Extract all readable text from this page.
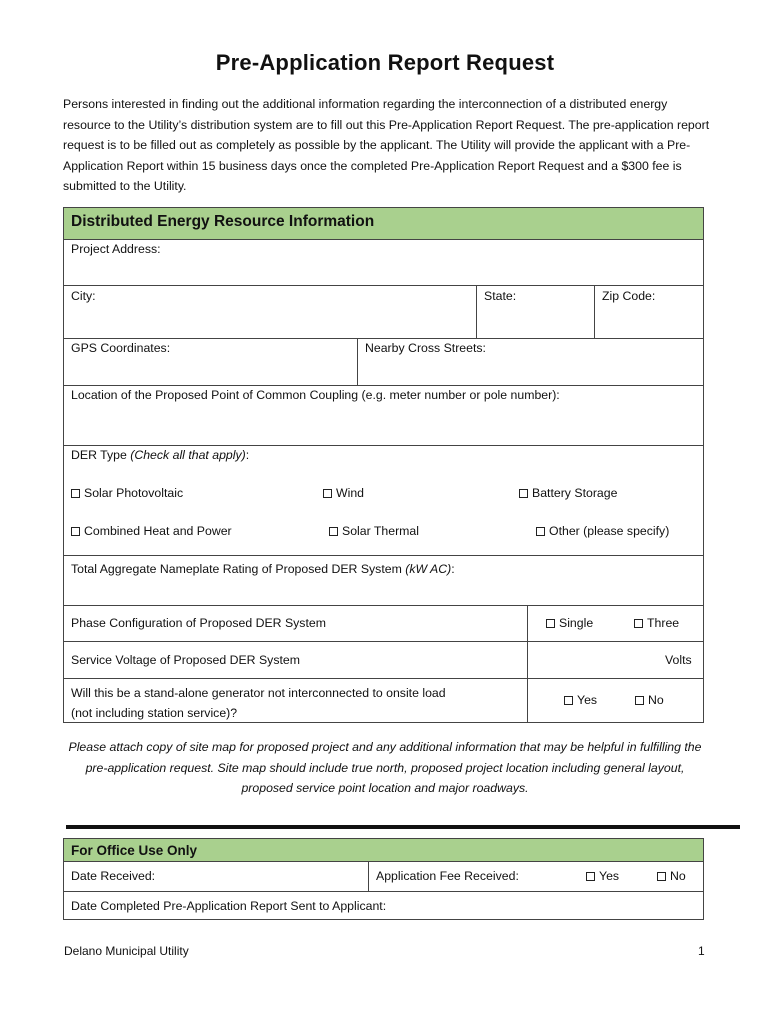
Pre-Application Report Request
Persons interested in finding out the additional information regarding the interconnection of a distributed energy resource to the Utility’s distribution system are to fill out this Pre-Application Report Request. The pre-application report request is to be filled out as completely as possible by the applicant. The Utility will provide the applicant with a Pre-Application Report within 15 business days once the completed Pre-Application Report Request and a $300 fee is submitted to the Utility.
Distributed Energy Resource Information
Project Address:
City:	State:	Zip Code:
GPS Coordinates:	Nearby Cross Streets:
Location of the Proposed Point of Common Coupling (e.g. meter number or pole number):
DER Type (Check all that apply):
Solar Photovoltaic	Wind	Battery Storage
Combined Heat and Power	Solar Thermal	Other (please specify)
Total Aggregate Nameplate Rating of Proposed DER System (kW AC):
Phase Configuration of Proposed DER System	Single	Three
Service Voltage of Proposed DER System	Volts
Will this be a stand-alone generator not interconnected to onsite load
(not including station service)?
Yes	No
Please attach copy of site map for proposed project and any additional information that may be helpful in fulfilling the pre-application request. Site map should include true north, proposed project location including general layout, proposed service point location and major roadways.
For Office Use Only
Date Received:	Application Fee Received:	Yes	No
Date Completed Pre-Application Report Sent to Applicant:
Delano Municipal Utility	1
